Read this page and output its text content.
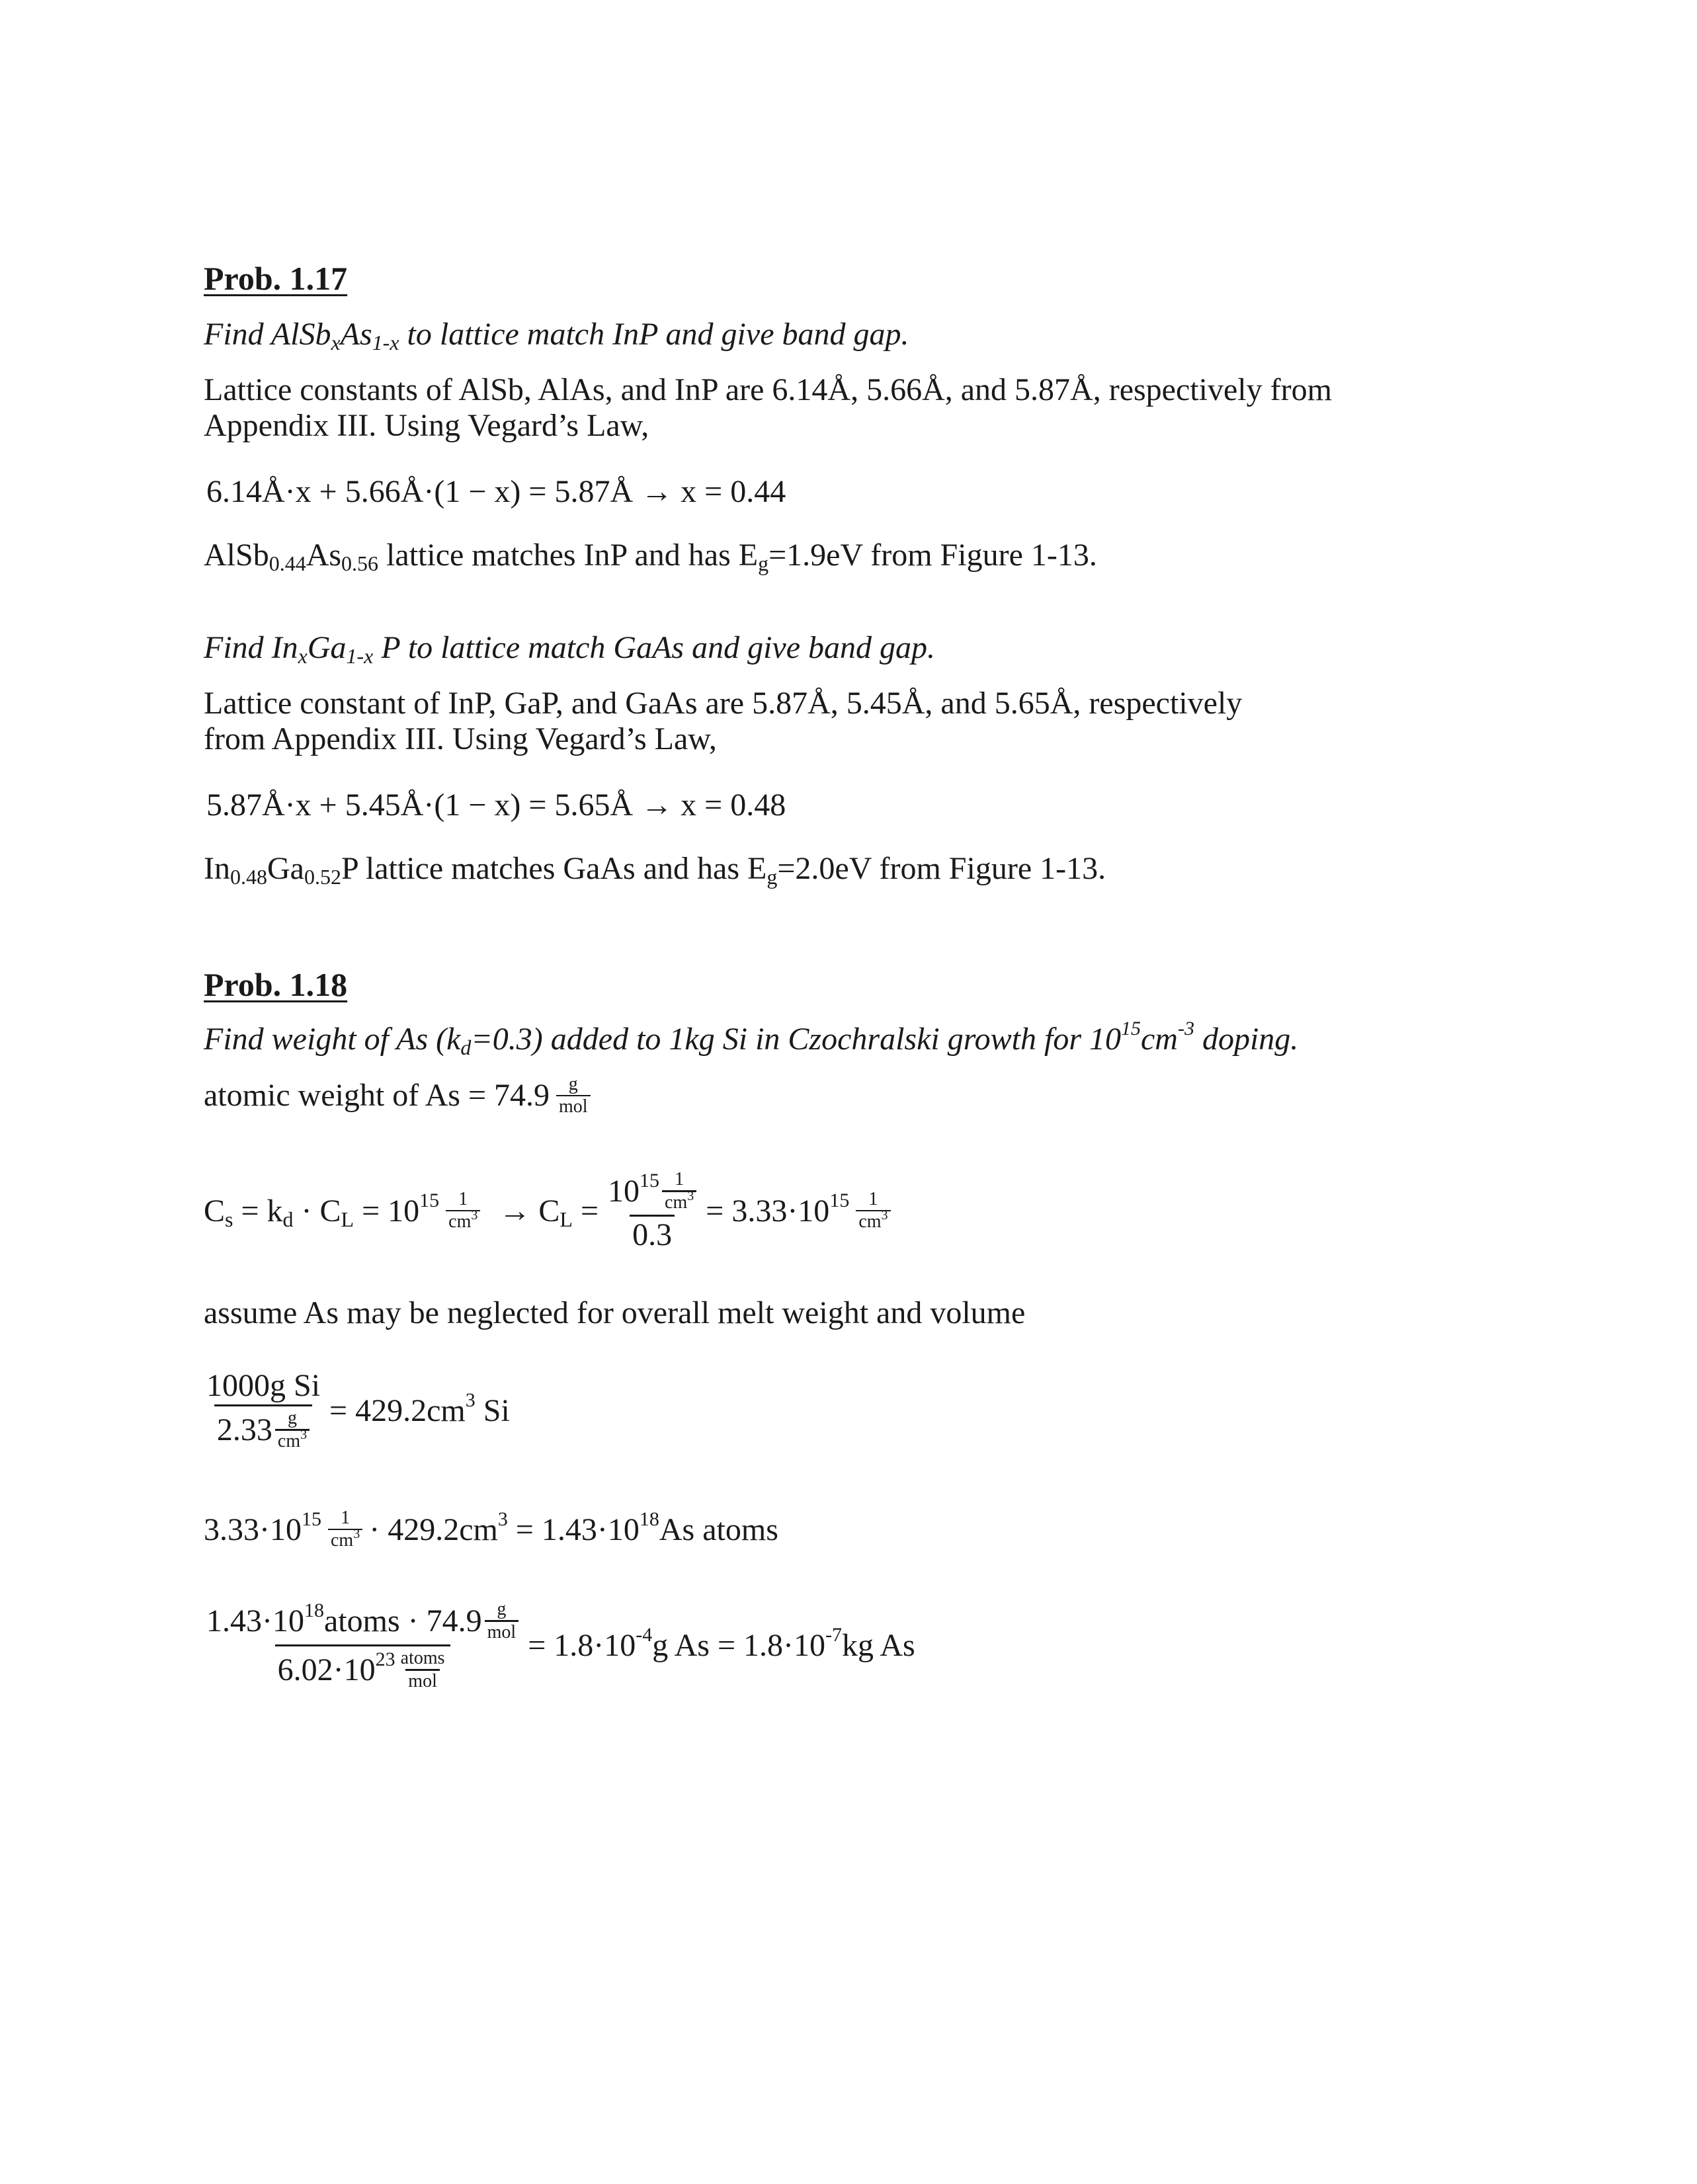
Prob. 1.17
Find $AlSb_xAs_{1-x}$ to lattice match InP and give band gap.
Lattice constants of AlSb, AlAs, and InP are 6.14Å, 5.66Å, and 5.87Å, respectively from
Appendix III. Using Vegard’s Law,
6.14Å·x + 5.66Å·(1 − x) = 5.87Å → x = 0.44
$AlSb_{0.44}As_{0.56}$ lattice matches InP and has $E_g=1.9eV$ from Figure 1-13.
Find $In_xGa_{1-x}$ P to lattice match GaAs and give band gap.
Lattice constant of InP, GaP, and GaAs are 5.87Å, 5.45Å, and 5.65Å, respectively
from Appendix III. Using Vegard’s Law,
5.87Å·x + 5.45Å·(1 − x) = 5.65Å → x = 0.48
$In_{0.48}Ga_{0.52}P$ lattice matches GaAs and has $E_g=2.0eV$ from Figure 1-13.
Prob. 1.18
Find weight of As $(k_d=0.3)$ added to 1kg Si in Czochralski growth for $10^{15}cm^{-3}$ doping.
atomic weight of $As = 74.9 \frac{g}{\text{mol}}$
$C_s = k_d \cdot C_L = 10^{15} \frac{1}{cm^3} \to C_L = \frac{10^{15} \frac{1}{cm^3}}{0.3} = 3.33\cdot 10^{15} \frac{1}{cm^3}$
assume As may be neglected for overall melt weight and volume
$\frac{\text{1000g Si}}{2.33 \frac{g}{cm^3}} = 429.2cm^3$ Si
$3.33\cdot 10^{15} \frac{1}{cm^3} \cdot 429.2cm^3 = 1.43\cdot 10^{18}As$ atoms
$\frac{1.43\cdot 10^{18}atoms \cdot 74.9 \frac{g}{\text{mol}}}{6.02\cdot 10^{23} \frac{\text{atoms}}{\text{mol}}} = 1.8\cdot 10^{-4}g$ $As = 1.8\cdot 10^{-7}kg$ As
